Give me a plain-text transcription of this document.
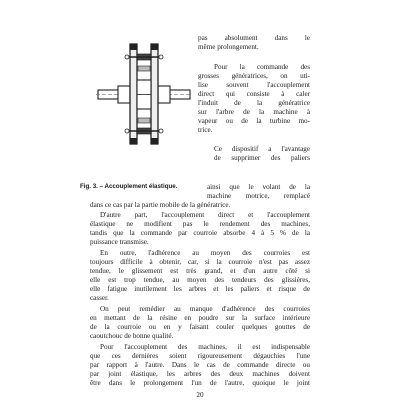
Fig. 3. – Accouplement élastique.
pas absolument dans le
même prolongement.
Pour la commande des
grosses génératrices, on uti-
lise souvent l'accouplement
direct qui consiste à caler
l'induit de la génératrice
sur l'arbre de la machine à
vapeur ou de la turbine mo-
trice.
Ce dispositif a l'avantage
de supprimer des paliers
ainsi que le volant de la
machine motrice, remplacé
dans ce cas par la partie mobile de la génératrice.
D'autre part, l'accouplement direct et l'accouplement
élastique ne modifient pas le rendement des machines,
tandis que la commande par courroie absorbe 4 à 5 % de la
puissance transmise.
En outre, l'adhérence au moyen des courroies est
toujours difficile à obtenir, car, si la courroie n'est pas assez
tendue, le glissement est très grand, et d'un autre côté si
elle est trop tendue, au moyen des tendeurs des glissières,
elle fatigue inutilement les arbres et les paliers et risque de
casser.
On peut remédier au manque d'adhérence des courroies
en mettant de la résine en poudre sur la surface intérieure
de la courroie ou en y faisant couler quelques gouttes de
caoutchouc de bonne qualité.
Pour l'accouplement des machines, il est indispensable
que ces dernières soient rigoureusement dégauchies l'une
par rapport à l'autre. Dans le cas de commande directe ou
par joint élastique, les arbres des deux machines doivent
être dans le prolongement l'un de l'autre, quoique le joint
20
